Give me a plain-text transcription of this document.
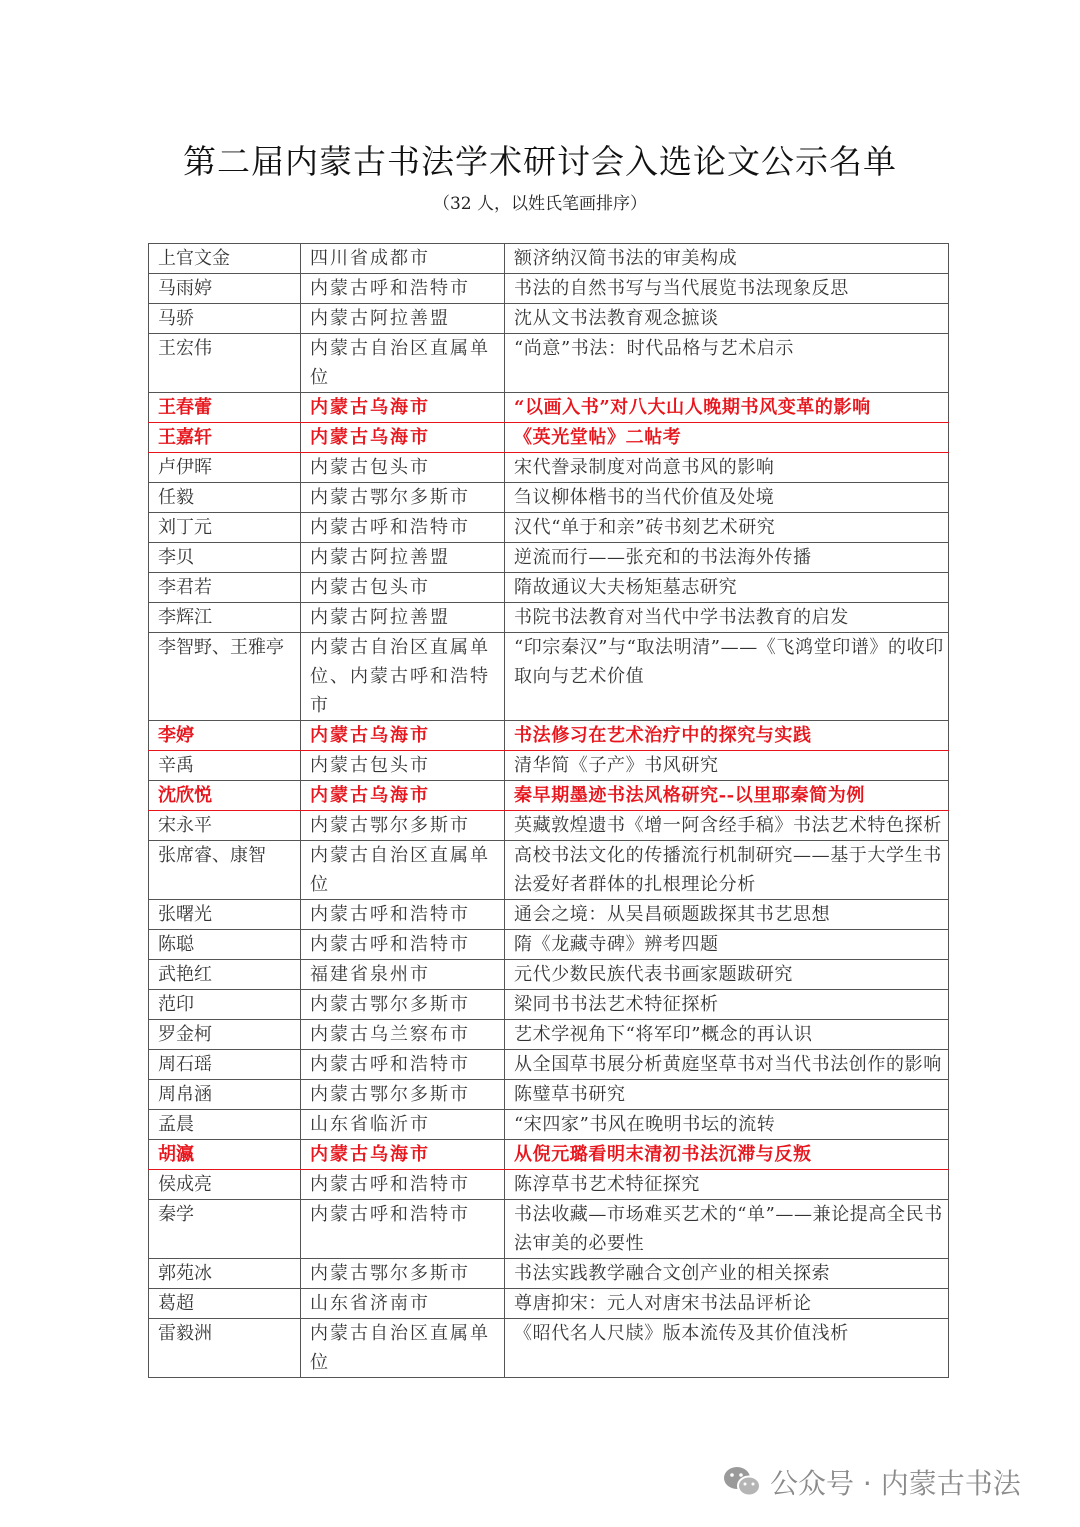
第二届内蒙古书法学术研讨会入选论文公示名单
（32 人，以姓氏笔画排序）
上官文金	四川省成都市	额济纳汉简书法的审美构成
马雨婷	内蒙古呼和浩特市	书法的自然书写与当代展览书法现象反思
马骄	内蒙古阿拉善盟	沈从文书法教育观念摭谈
王宏伟	内蒙古自治区直属单位	“尚意”书法：时代品格与艺术启示
王春蕾	内蒙古乌海市	“以画入书”对八大山人晚期书风变革的影响
王嘉轩	内蒙古乌海市	《英光堂帖》二帖考
卢伊晖	内蒙古包头市	宋代誊录制度对尚意书风的影响
任毅	内蒙古鄂尔多斯市	刍议柳体楷书的当代价值及处境
刘丁元	内蒙古呼和浩特市	汉代“单于和亲”砖书刻艺术研究
李贝	内蒙古阿拉善盟	逆流而行——张充和的书法海外传播
李君若	内蒙古包头市	隋故通议大夫杨矩墓志研究
李辉江	内蒙古阿拉善盟	书院书法教育对当代中学书法教育的启发
李智野、王雅亭	内蒙古自治区直属单位、内蒙古呼和浩特市	“印宗秦汉”与“取法明清”——《飞鸿堂印谱》的收印取向与艺术价值
李婷	内蒙古乌海市	书法修习在艺术治疗中的探究与实践
辛禹	内蒙古包头市	清华简《子产》书风研究
沈欣悦	内蒙古乌海市	秦早期墨迹书法风格研究--以里耶秦简为例
宋永平	内蒙古鄂尔多斯市	英藏敦煌遗书《增一阿含经手稿》书法艺术特色探析
张席睿、康智	内蒙古自治区直属单位	高校书法文化的传播流行机制研究——基于大学生书法爱好者群体的扎根理论分析
张曙光	内蒙古呼和浩特市	通会之境：从吴昌硕题跋探其书艺思想
陈聪	内蒙古呼和浩特市	隋《龙藏寺碑》辨考四题
武艳红	福建省泉州市	元代少数民族代表书画家题跋研究
范印	内蒙古鄂尔多斯市	梁同书书法艺术特征探析
罗金柯	内蒙古乌兰察布市	艺术学视角下“将军印”概念的再认识
周石瑶	内蒙古呼和浩特市	从全国草书展分析黄庭坚草书对当代书法创作的影响
周帛涵	内蒙古鄂尔多斯市	陈璧草书研究
孟晨	山东省临沂市	“宋四家”书风在晚明书坛的流转
胡瀛	内蒙古乌海市	从倪元璐看明末清初书法沉滞与反叛
侯成亮	内蒙古呼和浩特市	陈淳草书艺术特征探究
秦学	内蒙古呼和浩特市	书法收藏—市场难买艺术的“单”——兼论提高全民书法审美的必要性
郭苑冰	内蒙古鄂尔多斯市	书法实践教学融合文创产业的相关探索
葛超	山东省济南市	尊唐抑宋：元人对唐宋书法品评析论
雷毅洲	内蒙古自治区直属单位	《昭代名人尺牍》版本流传及其价值浅析
公众号 · 内蒙古书法
